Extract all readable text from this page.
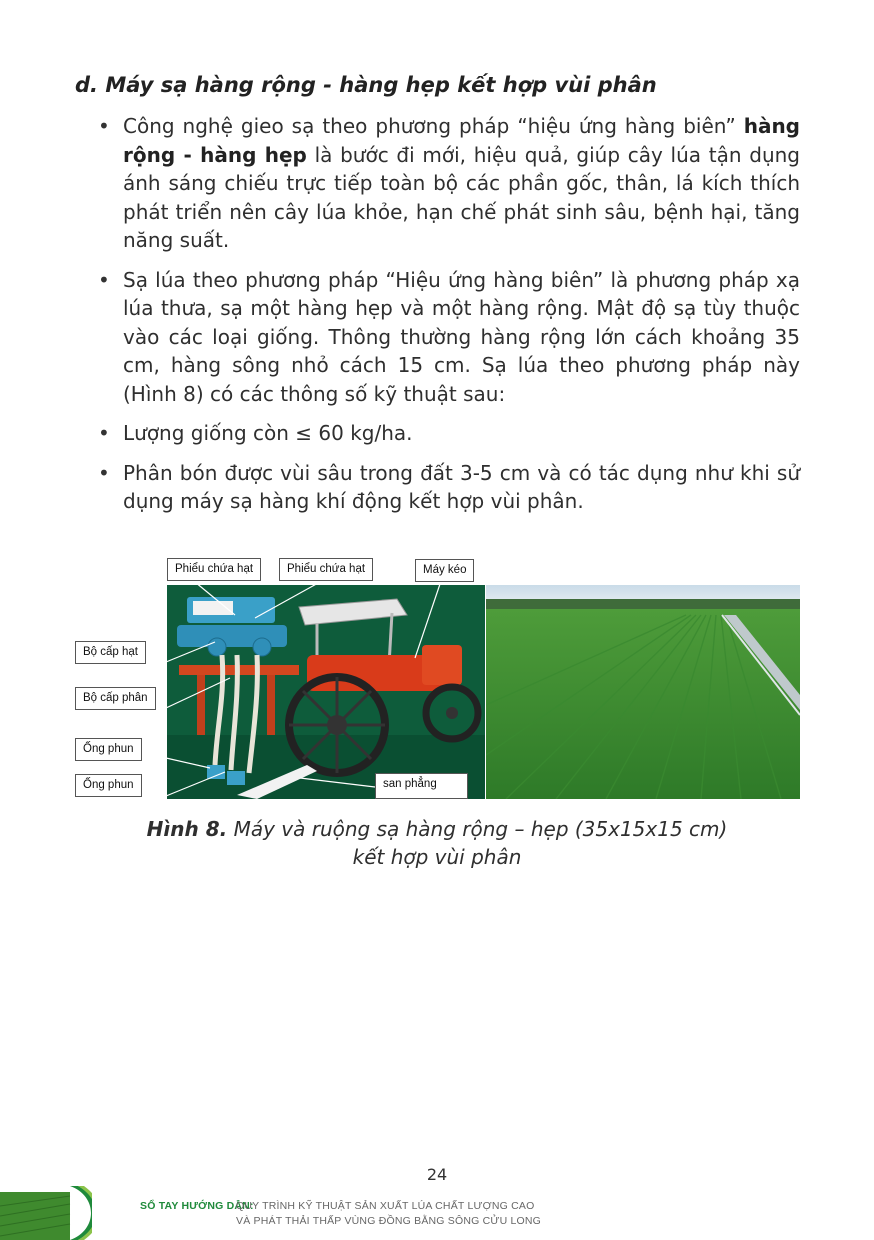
d. Máy sạ hàng rộng - hàng hẹp kết hợp vùi phân
• Công nghệ gieo sạ theo phương pháp “hiệu ứng hàng biên” hàng rộng - hàng hẹp là bước đi mới, hiệu quả, giúp cây lúa tận dụng ánh sáng chiếu trực tiếp toàn bộ các phần gốc, thân, lá kích thích phát triển nên cây lúa khỏe, hạn chế phát sinh sâu, bệnh hại, tăng năng suất.
• Sạ lúa theo phương pháp “Hiệu ứng hàng biên” là phương pháp xạ lúa thưa, sạ một hàng hẹp và một hàng rộng. Mật độ sạ tùy thuộc vào các loại giống. Thông thường hàng rộng lớn cách khoảng 35 cm, hàng sông nhỏ cách 15 cm. Sạ lúa theo phương pháp này (Hình 8) có các thông số kỹ thuật sau:
• Lượng giống còn ≤ 60 kg/ha.
• Phân bón được vùi sâu trong đất 3-5 cm và có tác dụng như khi sử dụng máy sạ hàng khí động kết hợp vùi phân.
Phiểu chứa hạt	Phiểu chứa hạt	Máy kéo
Bộ cấp hạt
Bộ cấp phân
Ống phun
Ống phun	san phẳng
Hình 8. Máy và ruộng sạ hàng rộng – hẹp (35x15x15 cm)
kết hợp vùi phân
24
SỔ TAY HƯỚNG DẪN:
QUY TRÌNH KỸ THUẬT SẢN XUẤT LÚA CHẤT LƯỢNG CAO
VÀ PHÁT THẢI THẤP VÙNG ĐỒNG BẰNG SÔNG CỬU LONG
